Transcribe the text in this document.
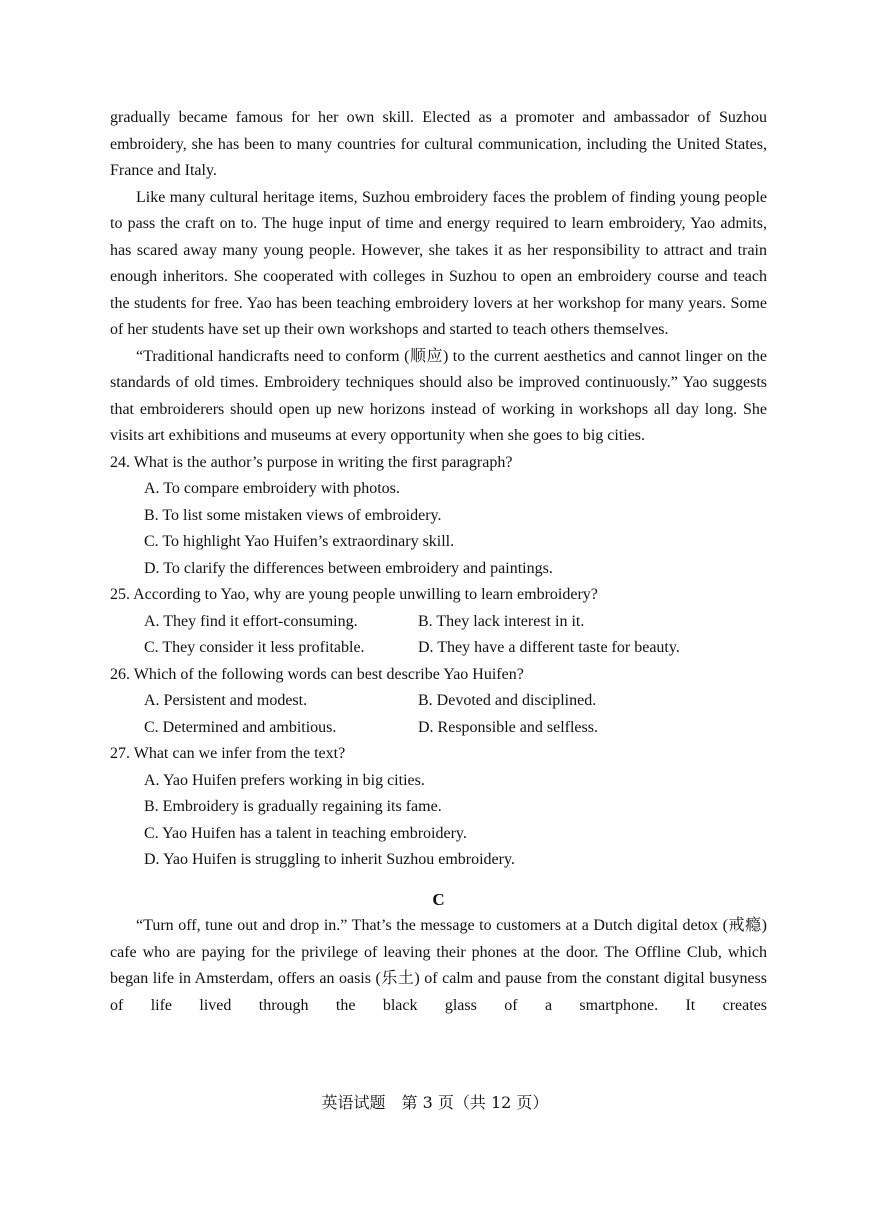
gradually became famous for her own skill. Elected as a promoter and ambassador of Suzhou embroidery, she has been to many countries for cultural communication, including the United States, France and Italy.

Like many cultural heritage items, Suzhou embroidery faces the problem of finding young people to pass the craft on to. The huge input of time and energy required to learn embroidery, Yao admits, has scared away many young people. However, she takes it as her responsibility to attract and train enough inheritors. She cooperated with colleges in Suzhou to open an embroidery course and teach the students for free. Yao has been teaching embroidery lovers at her workshop for many years. Some of her students have set up their own workshops and started to teach others themselves.

“Traditional handicrafts need to conform (顺应) to the current aesthetics and cannot linger on the standards of old times. Embroidery techniques should also be improved continuously.” Yao suggests that embroiderers should open up new horizons instead of working in workshops all day long. She visits art exhibitions and museums at every opportunity when she goes to big cities.

24. What is the author’s purpose in writing the first paragraph?

A. To compare embroidery with photos.

B. To list some mistaken views of embroidery.

C. To highlight Yao Huifen’s extraordinary skill.

D. To clarify the differences between embroidery and paintings.

25. According to Yao, why are young people unwilling to learn embroidery?

A. They find it effort-consuming.	B. They lack interest in it.
C. They consider it less profitable.	D. They have a different taste for beauty.

26. Which of the following words can best describe Yao Huifen?

A. Persistent and modest.	B. Devoted and disciplined.
C. Determined and ambitious.	D. Responsible and selfless.

27. What can we infer from the text?

A. Yao Huifen prefers working in big cities.

B. Embroidery is gradually regaining its fame.

C. Yao Huifen has a talent in teaching embroidery.

D. Yao Huifen is struggling to inherit Suzhou embroidery.

C

“Turn off, tune out and drop in.” That’s the message to customers at a Dutch digital detox (戒瘾) cafe who are paying for the privilege of leaving their phones at the door. The Offline Club, which began life in Amsterdam, offers an oasis (乐土) of calm and pause from the constant digital busyness of life lived through the black glass of a smartphone. It creates

英语试题　第 3 页（共 12 页）
